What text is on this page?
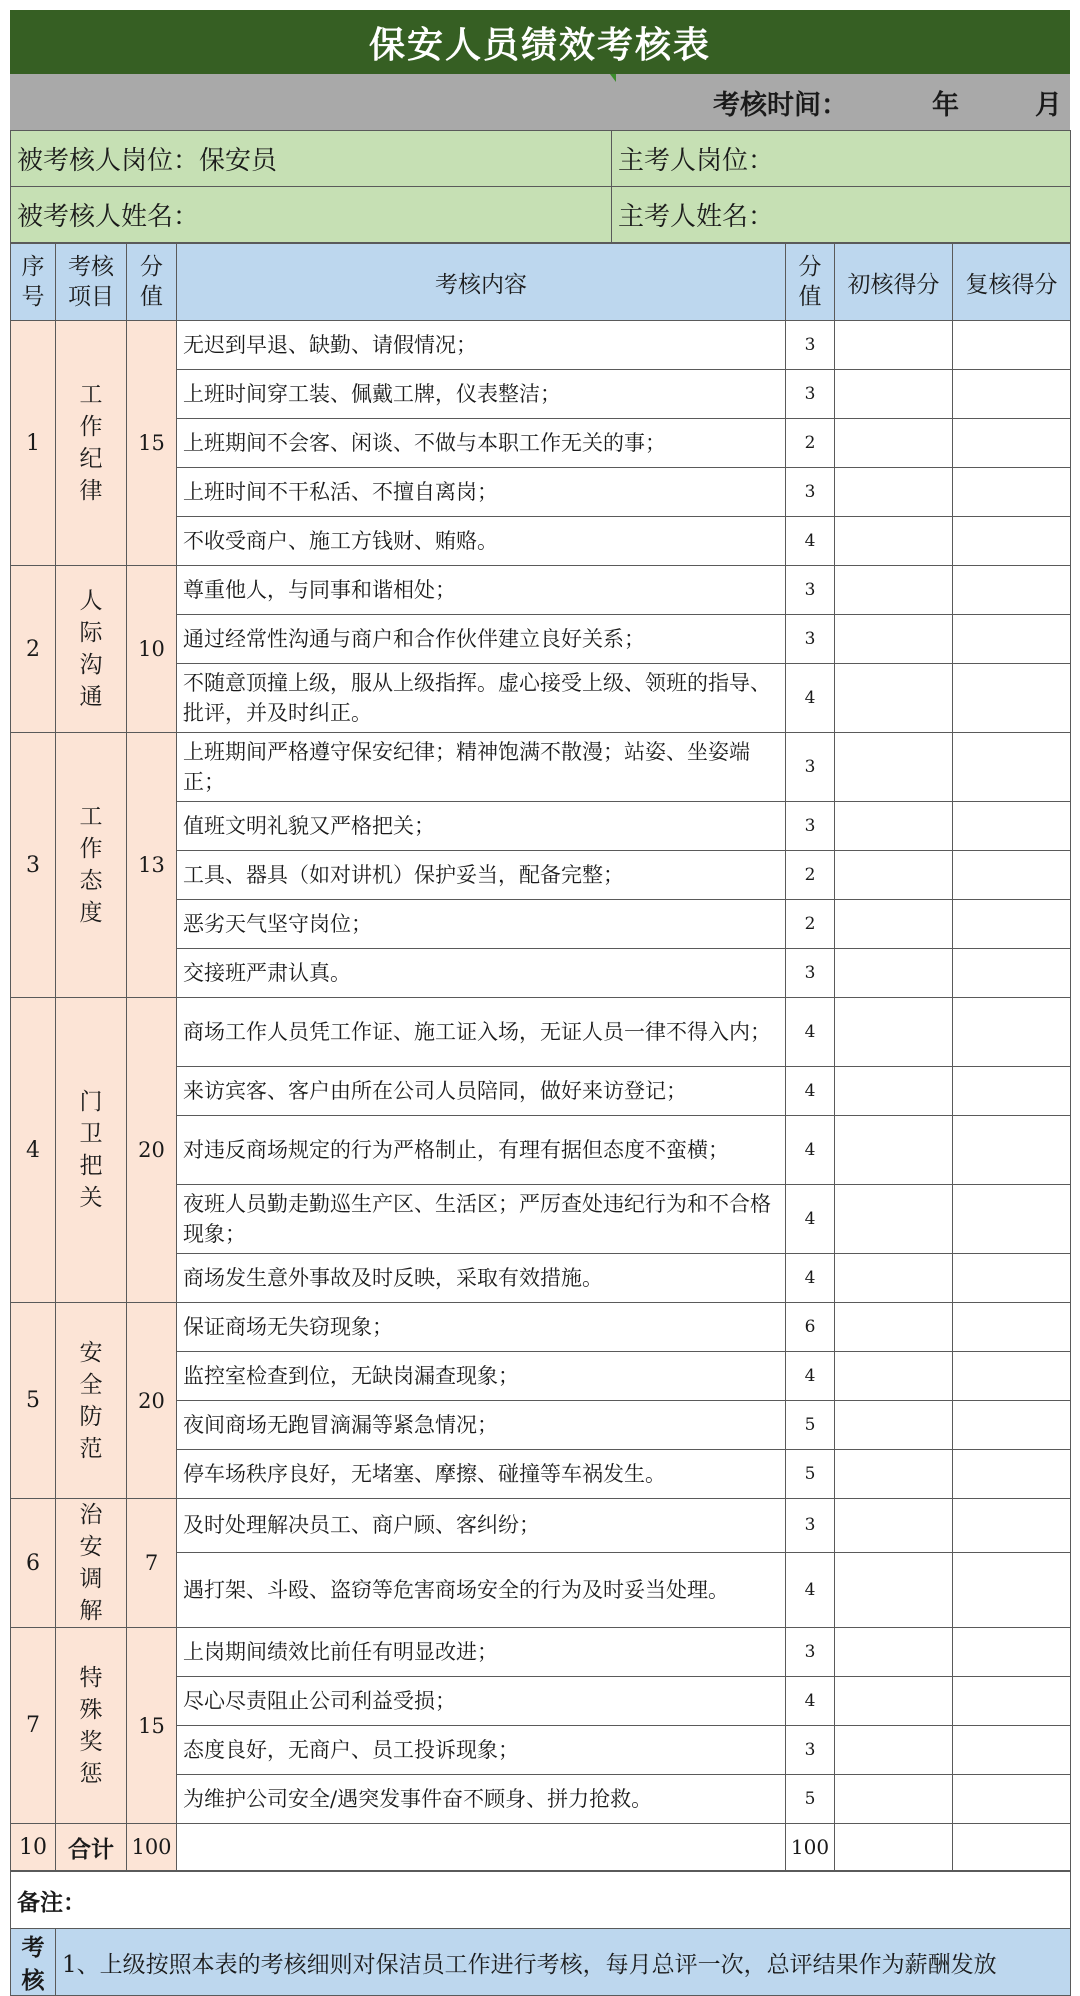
保安人员绩效考核表
考核时间：	年	月
被考核人岗位：保安员	主考人岗位：
被考核人姓名：	主考人姓名：
序号	考核项目	分值	考核内容	分值	初核得分	复核得分
1	工作纪律	15	无迟到早退、缺勤、请假情况；	3		
			上班时间穿工装、佩戴工牌，仪表整洁；	3		
			上班期间不会客、闲谈、不做与本职工作无关的事；	2		
			上班时间不干私活、不擅自离岗；	3		
			不收受商户、施工方钱财、贿赂。	4		
2	人际沟通	10	尊重他人，与同事和谐相处；	3		
			通过经常性沟通与商户和合作伙伴建立良好关系；	3		
			不随意顶撞上级，服从上级指挥。虚心接受上级、领班的指导、批评，并及时纠正。	4		
3	工作态度	13	上班期间严格遵守保安纪律；精神饱满不散漫；站姿、坐姿端正；	3		
			值班文明礼貌又严格把关；	3		
			工具、器具（如对讲机）保护妥当，配备完整；	2		
			恶劣天气坚守岗位；	2		
			交接班严肃认真。	3		
4	门卫把关	20	商场工作人员凭工作证、施工证入场，无证人员一律不得入内；	4		
			来访宾客、客户由所在公司人员陪同，做好来访登记；	4		
			对违反商场规定的行为严格制止，有理有据但态度不蛮横；	4		
			夜班人员勤走勤巡生产区、生活区；严厉查处违纪行为和不合格现象；	4		
			商场发生意外事故及时反映，采取有效措施。	4		
5	安全防范	20	保证商场无失窃现象；	6		
			监控室检查到位，无缺岗漏查现象；	4		
			夜间商场无跑冒滴漏等紧急情况；	5		
			停车场秩序良好，无堵塞、摩擦、碰撞等车祸发生。	5		
6	治安调解	7	及时处理解决员工、商户顾、客纠纷；	3		
			遇打架、斗殴、盗窃等危害商场安全的行为及时妥当处理。	4		
7	特殊奖惩	15	上岗期间绩效比前任有明显改进；	3		
			尽心尽责阻止公司利益受损；	4		
			态度良好，无商户、员工投诉现象；	3		
			为维护公司安全/遇突发事件奋不顾身、拼力抢救。	5		
10	合计	100		100		
备注：
考核	1、上级按照本表的考核细则对保洁员工作进行考核，每月总评一次，总评结果作为薪酬发放
